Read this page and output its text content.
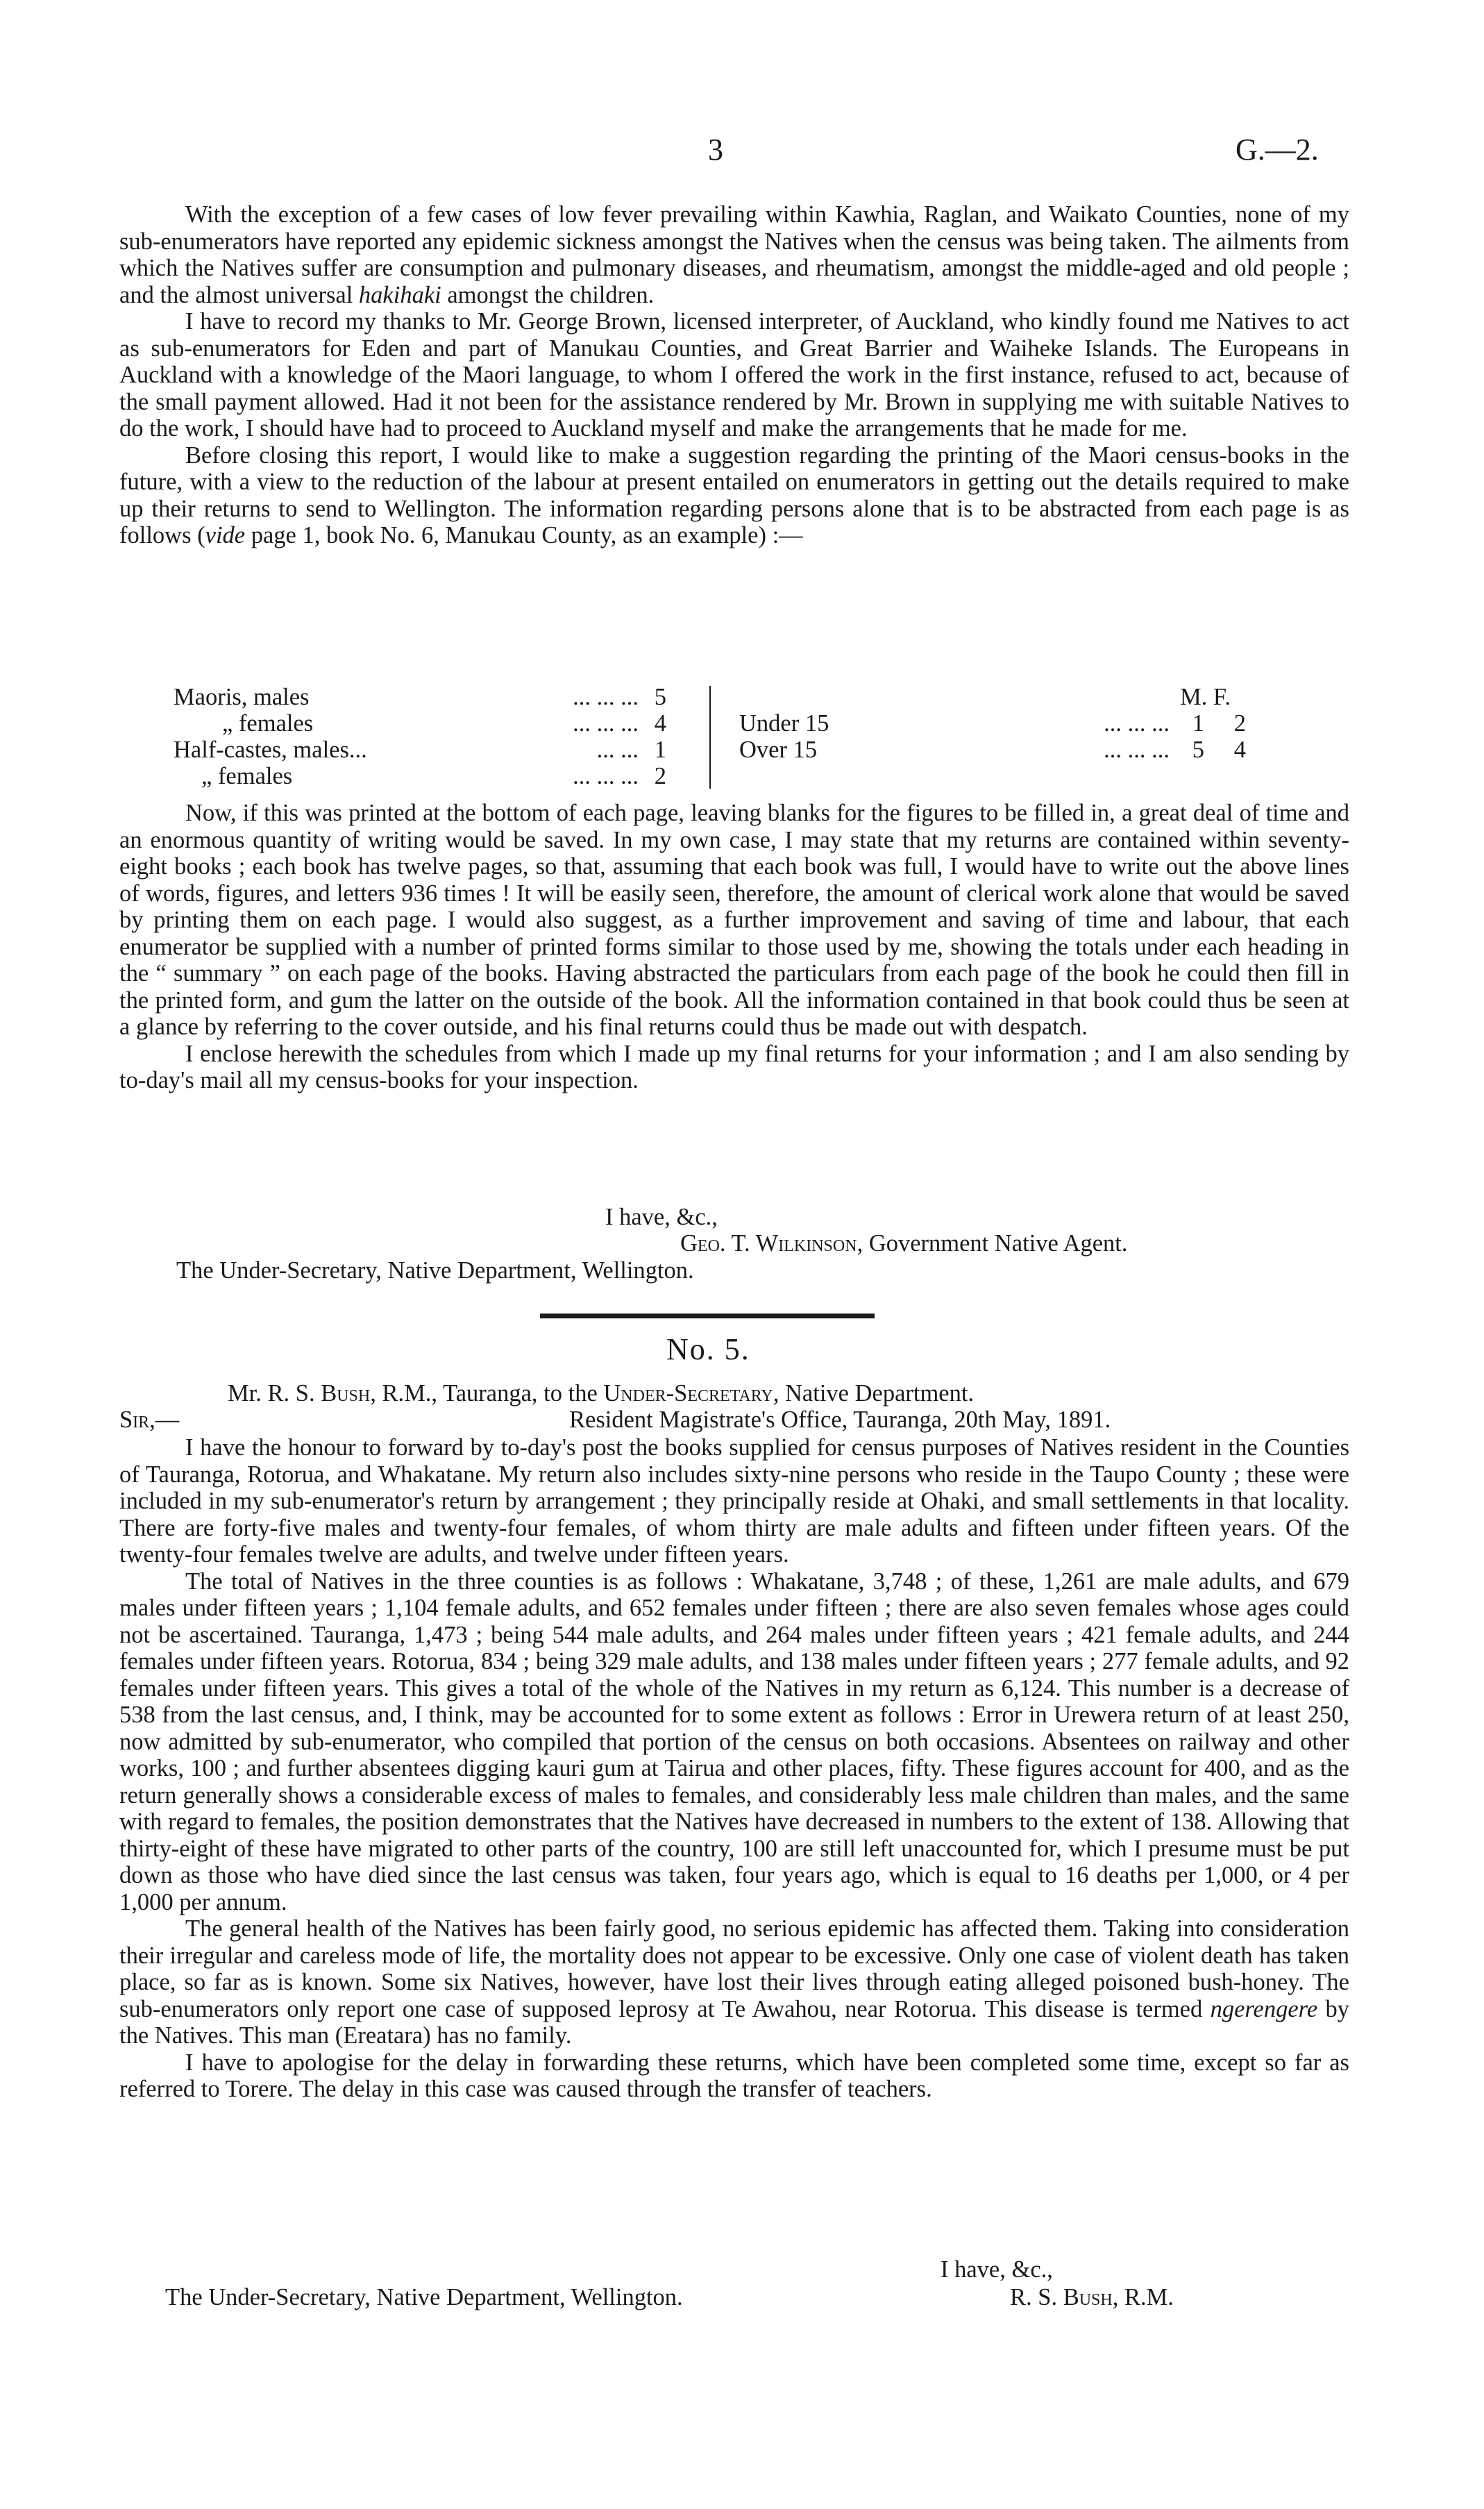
3	G.—2.

With the exception of a few cases of low fever prevailing within Kawhia, Raglan, and Waikato Counties, none of my sub-enumerators have reported any epidemic sickness amongst the Natives when the census was being taken. The ailments from which the Natives suffer are consumption and pulmonary diseases, and rheumatism, amongst the middle-aged and old people ; and the almost universal hakihaki amongst the children.

I have to record my thanks to Mr. George Brown, licensed interpreter, of Auckland, who kindly found me Natives to act as sub-enumerators for Eden and part of Manukau Counties, and Great Barrier and Waiheke Islands. The Europeans in Auckland with a knowledge of the Maori language, to whom I offered the work in the first instance, refused to act, because of the small payment allowed. Had it not been for the assistance rendered by Mr. Brown in supplying me with suitable Natives to do the work, I should have had to proceed to Auckland myself and make the arrangements that he made for me.

Before closing this report, I would like to make a suggestion regarding the printing of the Maori census-books in the future, with a view to the reduction of the labour at present entailed on enumerators in getting out the details required to make up their returns to send to Wellington. The information regarding persons alone that is to be abstracted from each page is as follows (vide page 1, book No. 6, Manukau County, as an example) :—

Maoris, males	... ... ... 5
„ females	... ... ... 4
Half-castes, males...	... ... 1
„ females	... ... ... 2
M. F.
Under 15	... ... ... 1 2
Over 15	... ... ... 5 4

Now, if this was printed at the bottom of each page, leaving blanks for the figures to be filled in, a great deal of time and an enormous quantity of writing would be saved. In my own case, I may state that my returns are contained within seventy-eight books ; each book has twelve pages, so that, assuming that each book was full, I would have to write out the above lines of words, figures, and letters 936 times ! It will be easily seen, therefore, the amount of clerical work alone that would be saved by printing them on each page. I would also suggest, as a further improvement and saving of time and labour, that each enumerator be supplied with a number of printed forms similar to those used by me, showing the totals under each heading in the “ summary ” on each page of the books. Having abstracted the particulars from each page of the book he could then fill in the printed form, and gum the latter on the outside of the book. All the information contained in that book could thus be seen at a glance by referring to the cover outside, and his final returns could thus be made out with despatch.

I enclose herewith the schedules from which I made up my final returns for your information ; and I am also sending by to-day's mail all my census-books for your inspection.

I have, &c.,
Geo. T. Wilkinson, Government Native Agent.
The Under-Secretary, Native Department, Wellington.
No. 5.
Mr. R. S. Bush, R.M., Tauranga, to the Under-Secretary, Native Department.
Sir,—	Resident Magistrate's Office, Tauranga, 20th May, 1891.

I have the honour to forward by to-day's post the books supplied for census purposes of Natives resident in the Counties of Tauranga, Rotorua, and Whakatane. My return also includes sixty-nine persons who reside in the Taupo County ; these were included in my sub-enumerator's return by arrangement ; they principally reside at Ohaki, and small settlements in that locality. There are forty-five males and twenty-four females, of whom thirty are male adults and fifteen under fifteen years. Of the twenty-four females twelve are adults, and twelve under fifteen years.

The total of Natives in the three counties is as follows : Whakatane, 3,748 ; of these, 1,261 are male adults, and 679 males under fifteen years ; 1,104 female adults, and 652 females under fifteen ; there are also seven females whose ages could not be ascertained. Tauranga, 1,473 ; being 544 male adults, and 264 males under fifteen years ; 421 female adults, and 244 females under fifteen years. Rotorua, 834 ; being 329 male adults, and 138 males under fifteen years ; 277 female adults, and 92 females under fifteen years. This gives a total of the whole of the Natives in my return as 6,124. This number is a decrease of 538 from the last census, and, I think, may be accounted for to some extent as follows : Error in Urewera return of at least 250, now admitted by sub-enumerator, who compiled that portion of the census on both occasions. Absentees on railway and other works, 100 ; and further absentees digging kauri gum at Tairua and other places, fifty. These figures account for 400, and as the return generally shows a considerable excess of males to females, and considerably less male children than males, and the same with regard to females, the position demonstrates that the Natives have decreased in numbers to the extent of 138. Allowing that thirty-eight of these have migrated to other parts of the country, 100 are still left unaccounted for, which I presume must be put down as those who have died since the last census was taken, four years ago, which is equal to 16 deaths per 1,000, or 4 per 1,000 per annum.

The general health of the Natives has been fairly good, no serious epidemic has affected them. Taking into consideration their irregular and careless mode of life, the mortality does not appear to be excessive. Only one case of violent death has taken place, so far as is known. Some six Natives, however, have lost their lives through eating alleged poisoned bush-honey. The sub-enumerators only report one case of supposed leprosy at Te Awahou, near Rotorua. This disease is termed ngerengere by the Natives. This man (Ereatara) has no family.

I have to apologise for the delay in forwarding these returns, which have been completed some time, except so far as referred to Torere. The delay in this case was caused through the transfer of teachers.

I have, &c.,
The Under-Secretary, Native Department, Wellington.	R. S. Bush, R.M.
